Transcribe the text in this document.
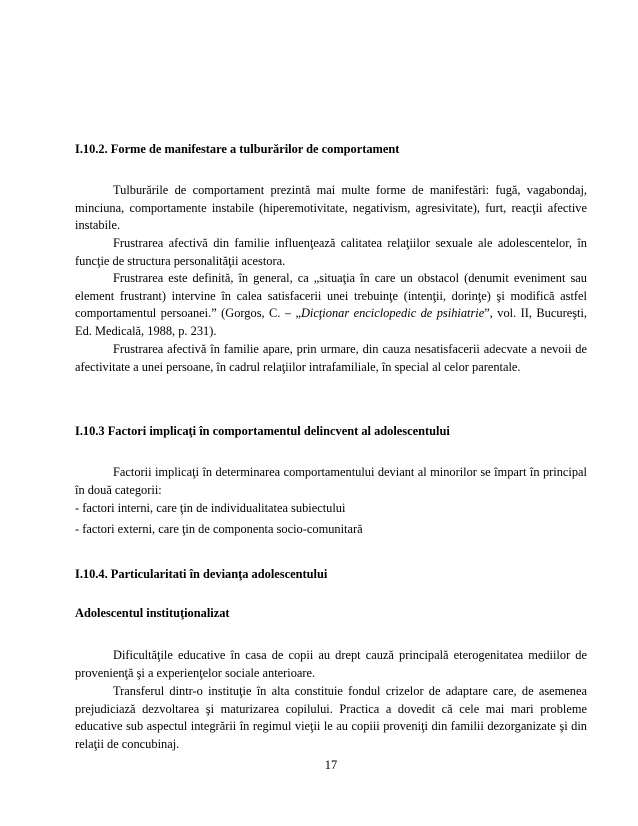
I.10.2. Forme de manifestare a tulburărilor de comportament

Tulburările de comportament prezintă mai multe forme de manifestări: fugă, vagabondaj, minciuna, comportamente instabile (hiperemotivitate, negativism, agresivitate), furt, reacţii afective instabile.

Frustrarea afectivă din familie influenţează calitatea relaţiilor sexuale ale adolescentelor, în funcţie de structura personalităţii acestora.

Frustrarea este definită, în general, ca „situaţia în care un obstacol (denumit eveniment sau element frustrant) intervine în calea satisfacerii unei trebuinţe (intenţii, dorinţe) şi modifică astfel comportamentul persoanei.” (Gorgos, C. – „Dicţionar enciclopedic de psihiatrie”, vol. II, Bucureşti, Ed. Medicală, 1988, p. 231).

Frustrarea afectivă în familie apare, prin urmare, din cauza nesatisfacerii adecvate a nevoii de afectivitate a unei persoane, în cadrul relaţiilor intrafamiliale, în special al celor parentale.

I.10.3 Factori implicaţi în comportamentul delincvent al adolescentului

Factorii implicaţi în determinarea comportamentului deviant al minorilor se împart în principal în două categorii:

- factori interni, care ţin de individualitatea subiectului

- factori externi, care ţin de componenta socio-comunitară

I.10.4. Particularitati în devianţa adolescentului
Adolescentul instituţionalizat

Dificultăţile educative în casa de copii au drept cauză principală eterogenitatea mediilor de provenienţă şi a experienţelor sociale anterioare.

Transferul dintr-o instituţie în alta constituie fondul crizelor de adaptare care, de asemenea prejudiciază dezvoltarea şi maturizarea copilului. Practica a dovedit că cele mai mari probleme educative sub aspectul integrării în regimul vieţii le au copiii proveniţi din familii dezorganizate şi din relaţii de concubinaj.

17
